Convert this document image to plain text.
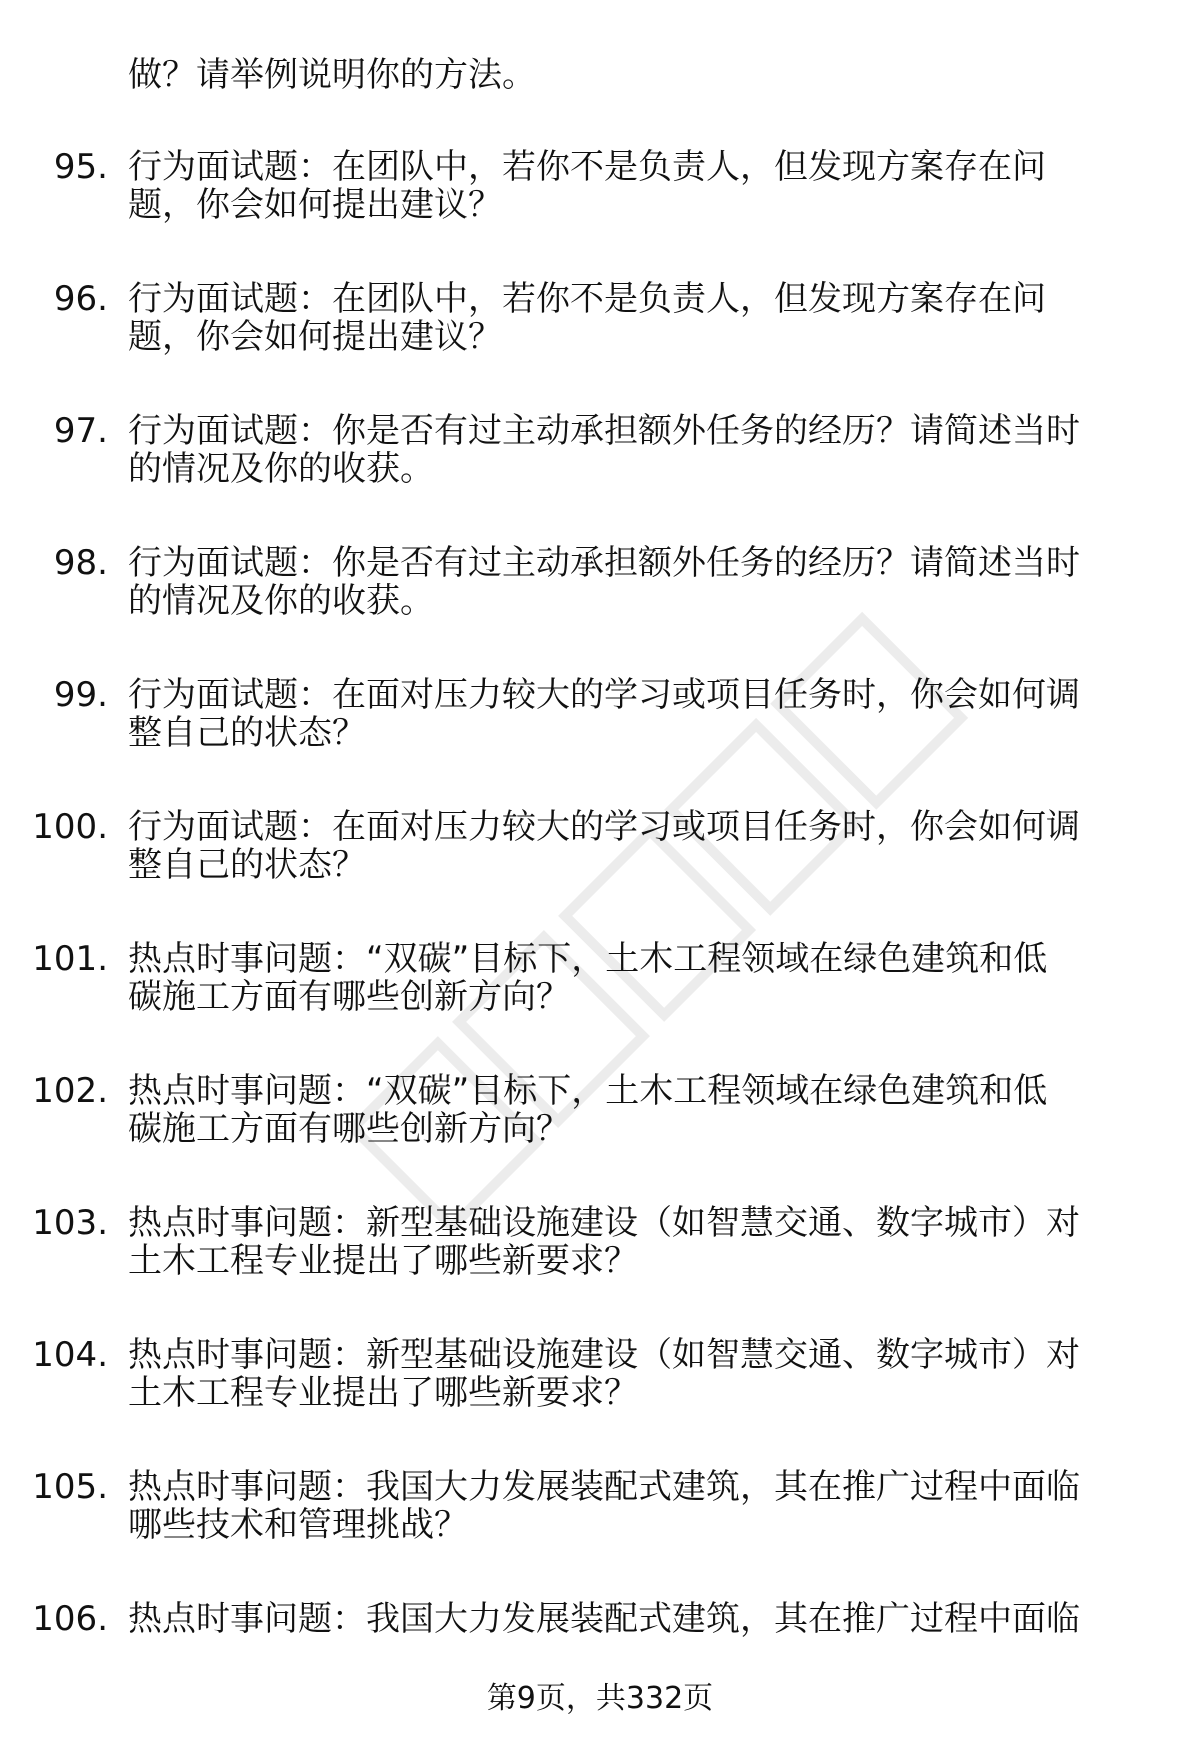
做？请举例说明你的方法。
95. 行为面试题：在团队中，若你不是负责人，但发现方案存在问
题，你会如何提出建议？
96. 行为面试题：在团队中，若你不是负责人，但发现方案存在问
题，你会如何提出建议？
97. 行为面试题：你是否有过主动承担额外任务的经历？请简述当时
的情况及你的收获。
98. 行为面试题：你是否有过主动承担额外任务的经历？请简述当时
的情况及你的收获。
99. 行为面试题：在面对压力较大的学习或项目任务时，你会如何调
整自己的状态？
100. 行为面试题：在面对压力较大的学习或项目任务时，你会如何调
整自己的状态？
101. 热点时事问题：“双碳”目标下，土木工程领域在绿色建筑和低
碳施工方面有哪些创新方向？
102. 热点时事问题：“双碳”目标下，土木工程领域在绿色建筑和低
碳施工方面有哪些创新方向？
103. 热点时事问题：新型基础设施建设（如智慧交通、数字城市）对
土木工程专业提出了哪些新要求？
104. 热点时事问题：新型基础设施建设（如智慧交通、数字城市）对
土木工程专业提出了哪些新要求？
105. 热点时事问题：我国大力发展装配式建筑，其在推广过程中面临
哪些技术和管理挑战？
106. 热点时事问题：我国大力发展装配式建筑，其在推广过程中面临
第9页，共332页
